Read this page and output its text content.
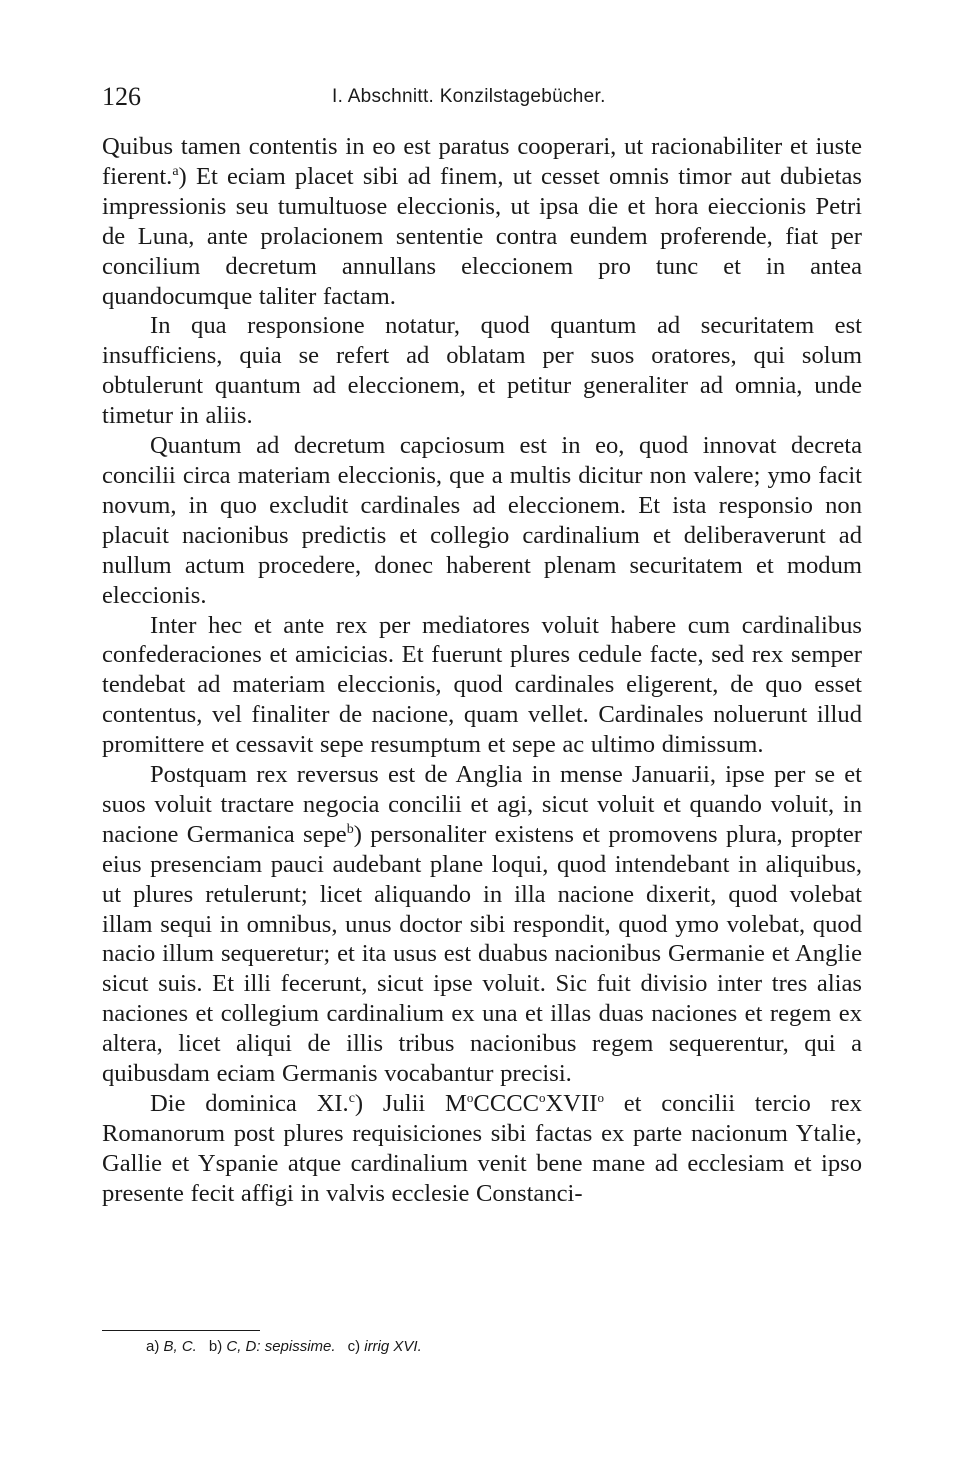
126	I. Abschnitt. Konzilstagebücher.

Quibus tamen contentis in eo est paratus cooperari, ut racionabiliter et iuste fierent.$^a$) Et eciam placet sibi ad finem, ut cesset omnis timor aut dubietas impressionis seu tumultuose eleccionis, ut ipsa die et hora eieccionis Petri de Luna, ante prolacionem sententie contra eundem proferende, fiat per concilium decretum annullans eleccionem pro tunc et in antea quandocumque taliter factam.

In qua responsione notatur, quod quantum ad securitatem est insufficiens, quia se refert ad oblatam per suos oratores, qui solum obtulerunt quantum ad eleccionem, et petitur generaliter ad omnia, unde timetur in aliis.

Quantum ad decretum capciosum est in eo, quod innovat decreta concilii circa materiam eleccionis, que a multis dicitur non valere; ymo facit novum, in quo excludit cardinales ad eleccionem. Et ista responsio non placuit nacionibus predictis et collegio cardinalium et deliberaverunt ad nullum actum procedere, donec haberent plenam securitatem et modum eleccionis.

Inter hec et ante rex per mediatores voluit habere cum cardinalibus confederaciones et amicicias. Et fuerunt plures cedule facte, sed rex semper tendebat ad materiam eleccionis, quod cardinales eligerent, de quo esset contentus, vel finaliter de nacione, quam vellet. Cardinales noluerunt illud promittere et cessavit sepe resumptum et sepe ac ultimo dimissum.

Postquam rex reversus est de Anglia in mense Januarii, ipse per se et suos voluit tractare negocia concilii et agi, sicut voluit et quando voluit, in nacione Germanica sepe$^b$) personaliter existens et promovens plura, propter eius presenciam pauci audebant plane loqui, quod intendebant in aliquibus, ut plures retulerunt; licet aliquando in illa nacione dixerit, quod volebat illam sequi in omnibus, unus doctor sibi respondit, quod ymo volebat, quod nacio illum sequeretur; et ita usus est duabus nacionibus Germanie et Anglie sicut suis. Et illi fecerunt, sicut ipse voluit. Sic fuit divisio inter tres alias naciones et collegium cardinalium ex una et illas duas naciones et regem ex altera, licet aliqui de illis tribus nacionibus regem sequerentur, qui a quibusdam eciam Germanis vocabantur precisi.

Die dominica XI.$^c$) Julii $M^oCCCC^oXVII^o$ et concilii tercio rex Romanorum post plures requisiciones sibi factas ex parte nacionum Ytalie, Gallie et Yspanie atque cardinalium venit bene mane ad ecclesiam et ipso presente fecit affigi in valvis ecclesie Constanci-

a) B, C. b) C, D: sepissime. c) irrig XVI.
